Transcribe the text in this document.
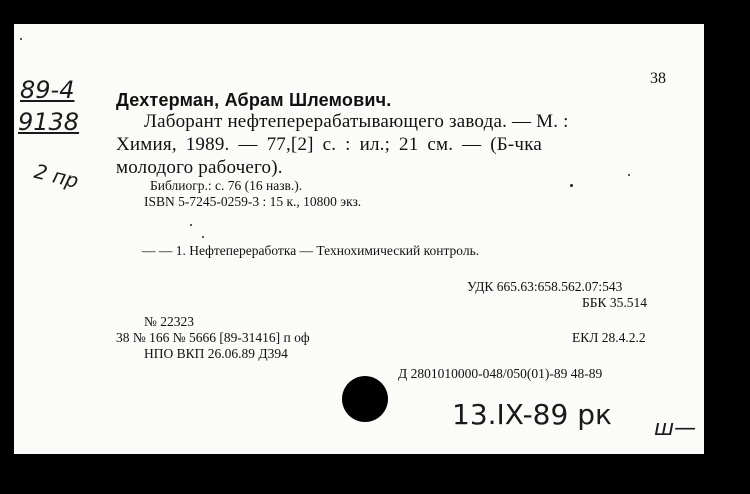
89-4
9138
2 пр
38
Дехтерман, Абрам Шлемович.
Лаборант нефтеперерабатывающего завода. — М. :
Химия, 1989. — 77,[2] с. : ил.; 21 см. — (Б-чка
молодого рабочего).
Библиогр.: с. 76 (16 назв.).
ISBN 5-7245-0259-3 : 15 к., 10800 экз.
— — 1. Нефтепереработка — Технохимический контроль.
УДК 665.63:658.562.07:543
ББК 35.514
№ 22323
38 № 166 № 5666 [89-31416] п оф	ЕКЛ 28.4.2.2
НПО ВКП 26.06.89 Д394
Д 2801010000-048/050(01)-89 48-89
13.IX-89 рк ш—
